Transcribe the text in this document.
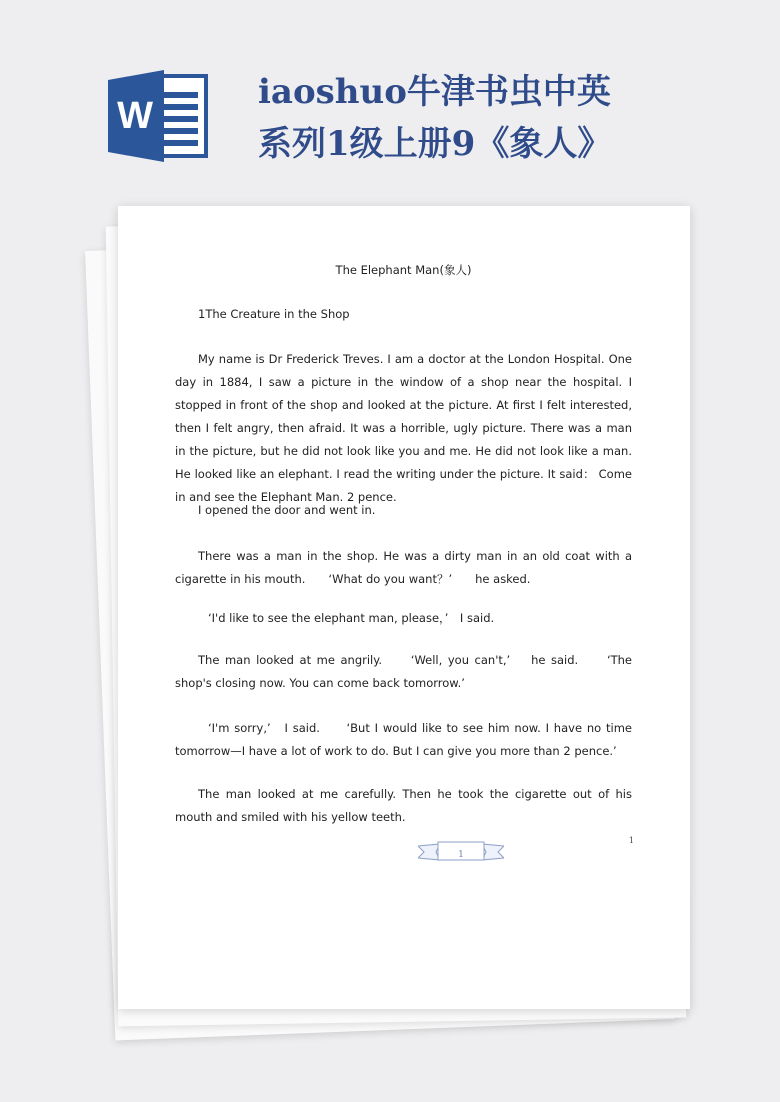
W
iaoshuo牛津书虫中英
系列1级上册9《象人》
The Elephant Man(象人)
1The Creature in the Shop

My name is Dr Frederick Treves. I am a doctor at the London Hospital. One day in 1884, I saw a picture in the window of a shop near the hospital. I stopped in front of the shop and looked at the picture. At first I felt interested, then I felt angry, then afraid. It was a horrible, ugly picture. There was a man in the picture, but he did not look like you and me. He did not look like a man. He looked like an elephant. I read the writing under the picture. It said： Come in and see the Elephant Man. 2 pence.

I opened the door and went in.

There was a man in the shop. He was a dirty man in an old coat with a cigarette in his mouth.　　‘What do you want？’　　he asked.

‘I'd like to see the elephant man, please，’　I said.

The man looked at me angrily.　　‘Well, you can't,’　 he said.　　‘The shop's closing now. You can come back tomorrow.’

‘I'm sorry,’　I said.　　‘But I would like to see him now. I have no time tomorrow—I have a lot of work to do. But I can give you more than 2 pence.’

The man looked at me carefully. Then he took the cigarette out of his mouth and smiled with his yellow teeth.

1
1
